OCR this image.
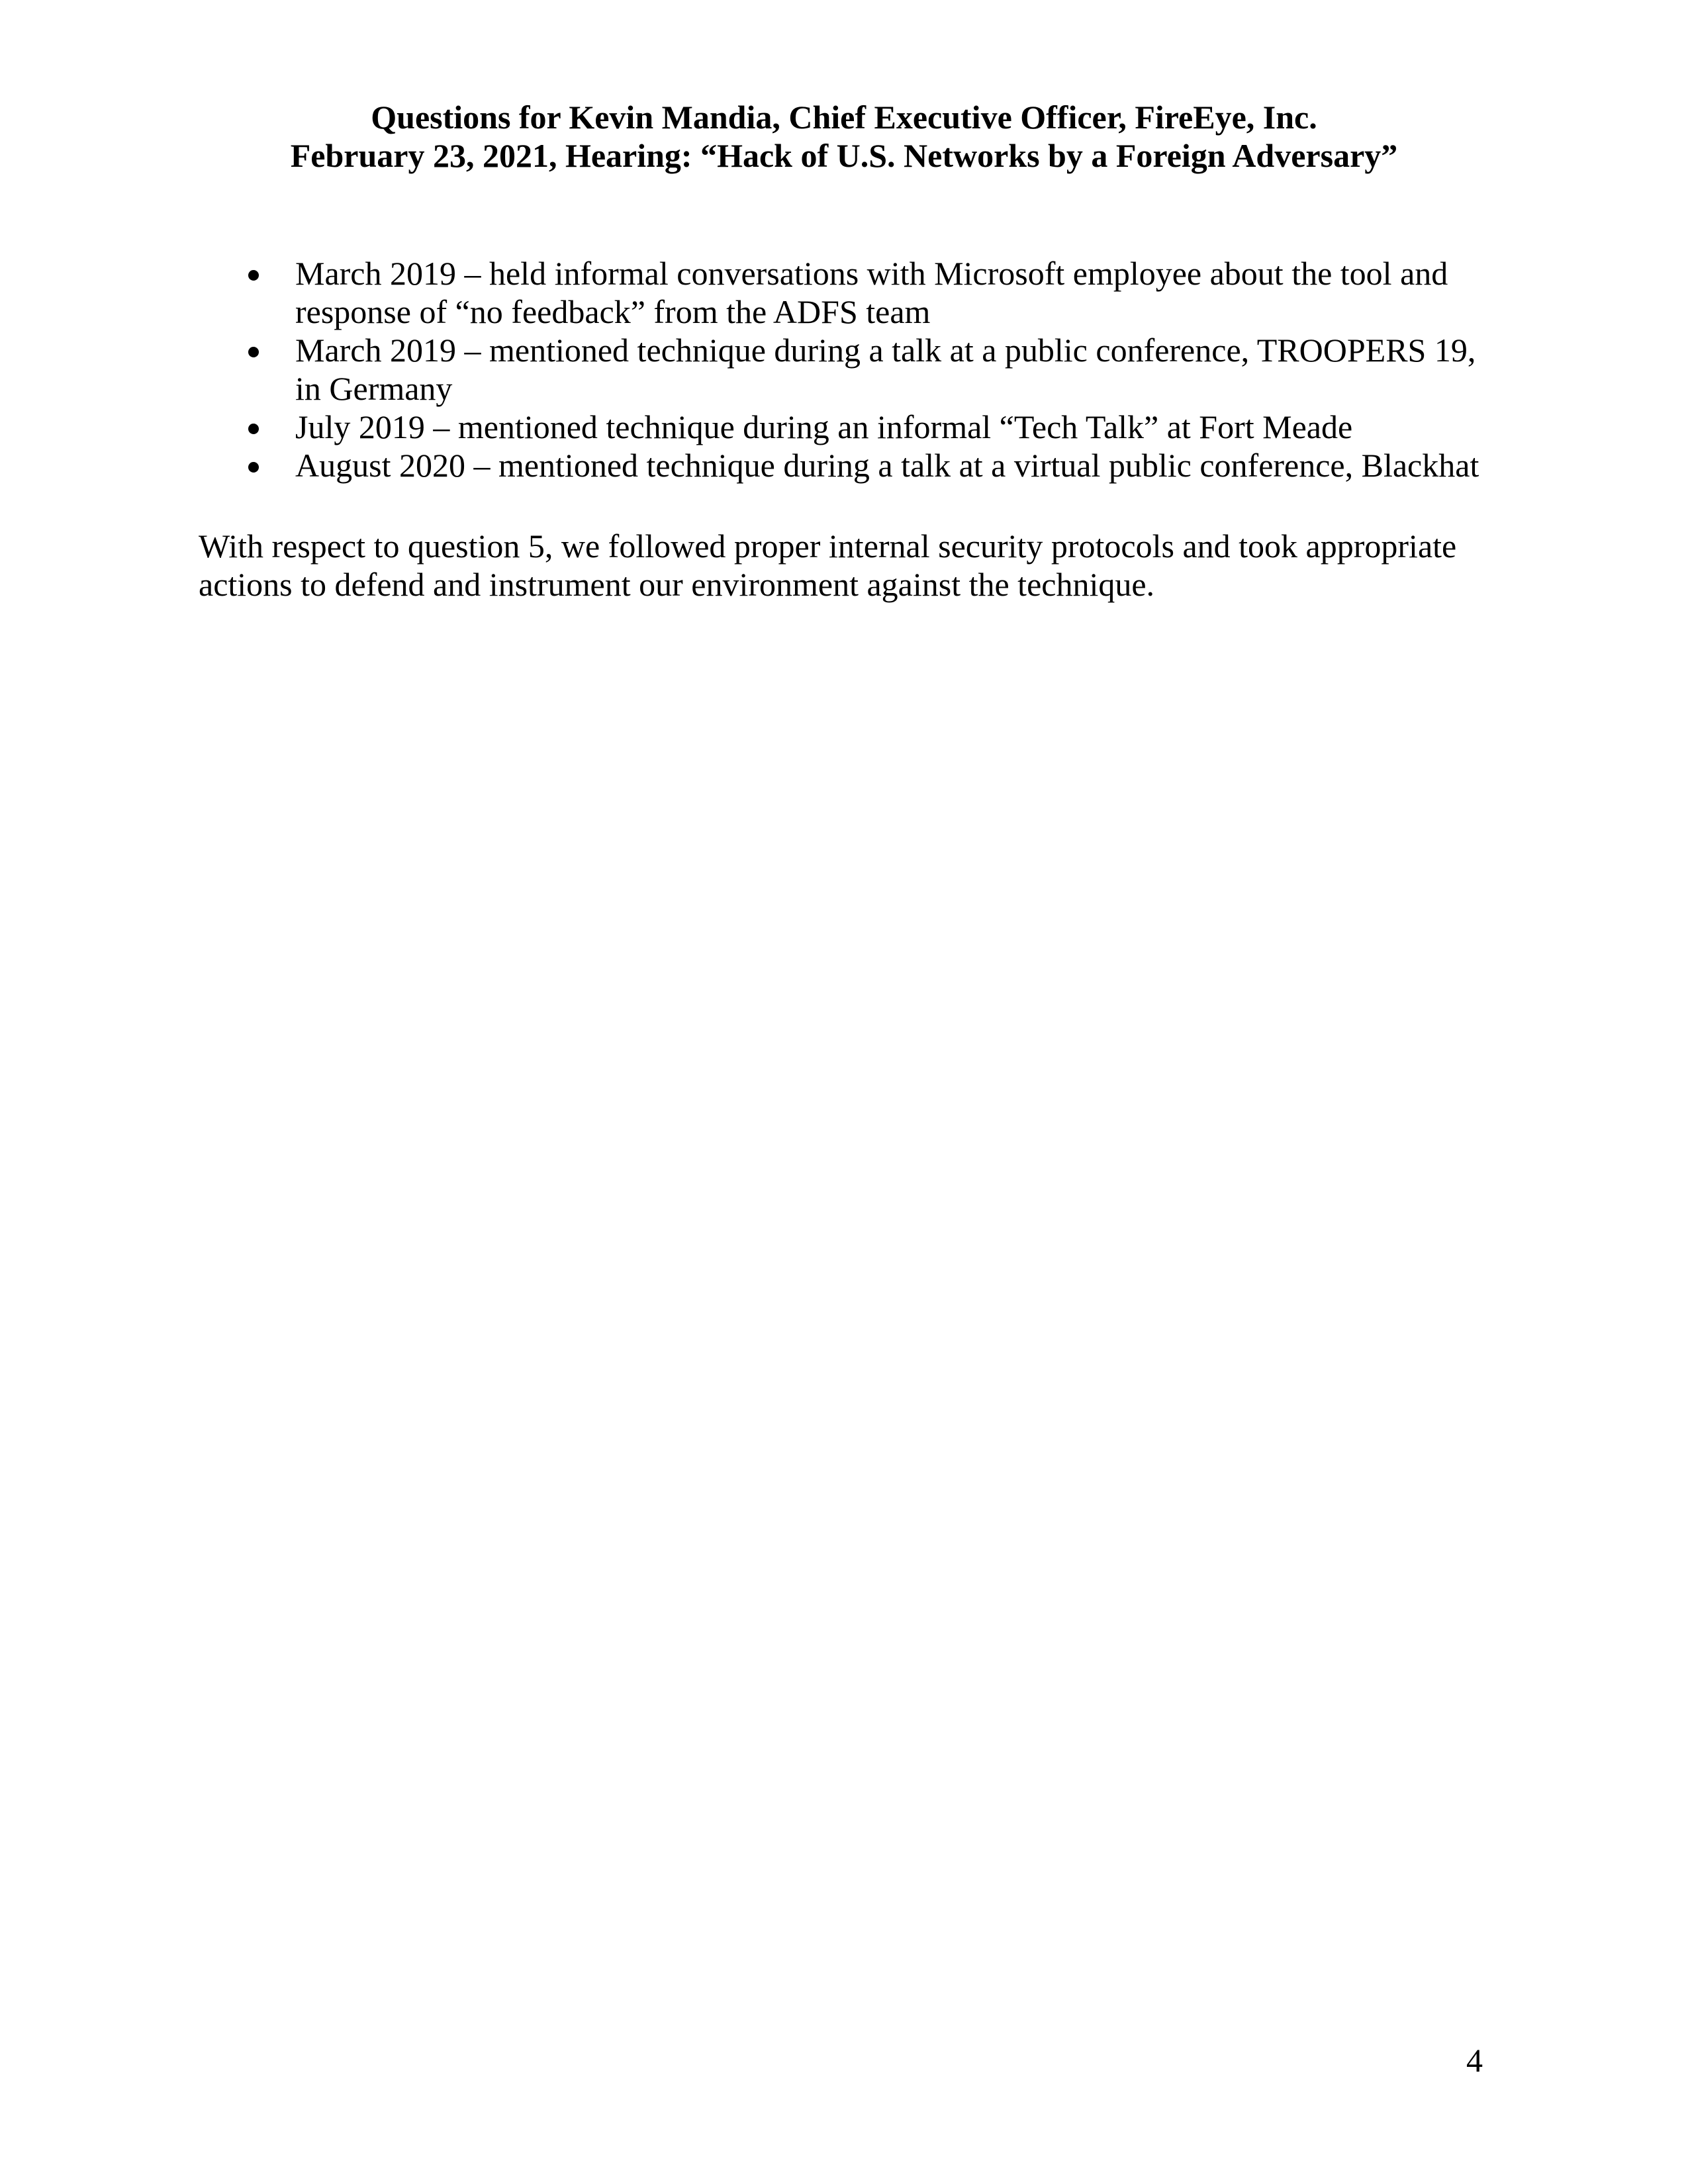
Questions for Kevin Mandia, Chief Executive Officer, FireEye, Inc.
February 23, 2021, Hearing: “Hack of U.S. Networks by a Foreign Adversary”
March 2019 – held informal conversations with Microsoft employee about the tool and response of “no feedback” from the ADFS team
March 2019 – mentioned technique during a talk at a public conference, TROOPERS 19, in Germany
July 2019 – mentioned technique during an informal “Tech Talk” at Fort Meade
August 2020 – mentioned technique during a talk at a virtual public conference, Blackhat

With respect to question 5, we followed proper internal security protocols and took appropriate actions to defend and instrument our environment against the technique.

4
